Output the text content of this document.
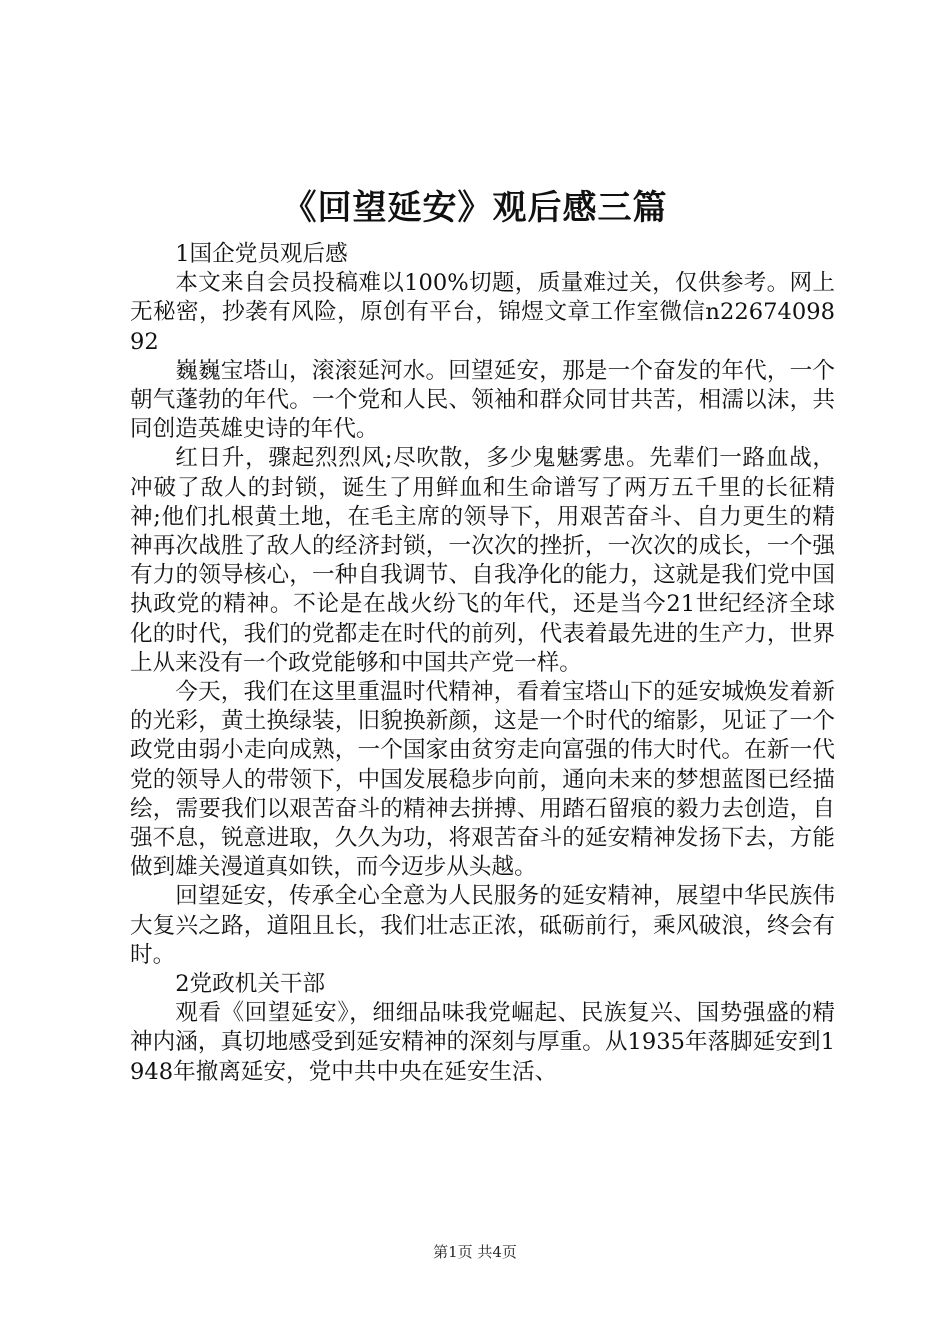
《回望延安》观后感三篇

1国企党员观后感

本文来自会员投稿难以100%切题，质量难过关，仅供参考。网上无秘密，抄袭有风险，原创有平台，锦煜文章工作室微信n2267409892

巍巍宝塔山，滚滚延河水。回望延安，那是一个奋发的年代，一个朝气蓬勃的年代。一个党和人民、领袖和群众同甘共苦，相濡以沫，共同创造英雄史诗的年代。

红日升，骤起烈烈风;尽吹散，多少鬼魅雾患。先辈们一路血战，冲破了敌人的封锁，诞生了用鲜血和生命谱写了两万五千里的长征精神;他们扎根黄土地，在毛主席的领导下，用艰苦奋斗、自力更生的精神再次战胜了敌人的经济封锁，一次次的挫折，一次次的成长，一个强有力的领导核心，一种自我调节、自我净化的能力，这就是我们党中国执政党的精神。不论是在战火纷飞的年代，还是当今21世纪经济全球化的时代，我们的党都走在时代的前列，代表着最先进的生产力，世界上从来没有一个政党能够和中国共产党一样。

今天，我们在这里重温时代精神，看着宝塔山下的延安城焕发着新的光彩，黄土换绿装，旧貌换新颜，这是一个时代的缩影，见证了一个政党由弱小走向成熟，一个国家由贫穷走向富强的伟大时代。在新一代党的领导人的带领下，中国发展稳步向前，通向未来的梦想蓝图已经描绘，需要我们以艰苦奋斗的精神去拼搏、用踏石留痕的毅力去创造，自强不息，锐意进取，久久为功，将艰苦奋斗的延安精神发扬下去，方能做到雄关漫道真如铁，而今迈步从头越。

回望延安，传承全心全意为人民服务的延安精神，展望中华民族伟大复兴之路，道阻且长，我们壮志正浓，砥砺前行，乘风破浪，终会有时。

2党政机关干部

观看《回望延安》，细细品味我党崛起、民族复兴、国势强盛的精神内涵，真切地感受到延安精神的深刻与厚重。从1935年落脚延安到1948年撤离延安，党中共中央在延安生活、

第1页 共4页
